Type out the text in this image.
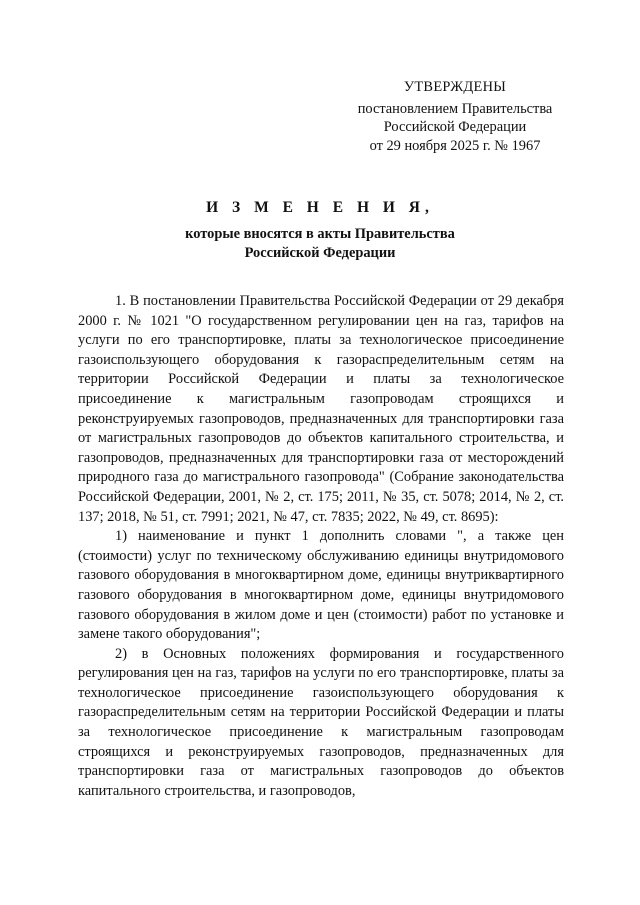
УТВЕРЖДЕНЫ
постановлением Правительства
Российской Федерации
от 29 ноября 2025 г. № 1967
И З М Е Н Е Н И Я,
которые вносятся в акты Правительства
Российской Федерации

1. В постановлении Правительства Российской Федерации от 29 декабря 2000 г. № 1021 "О государственном регулировании цен на газ, тарифов на услуги по его транспортировке, платы за технологическое присоединение газоиспользующего оборудования к газораспределительным сетям на территории Российской Федерации и платы за технологическое присоединение к магистральным газопроводам строящихся и реконструируемых газопроводов, предназначенных для транспортировки газа от магистральных газопроводов до объектов капитального строительства, и газопроводов, предназначенных для транспортировки газа от месторождений природного газа до магистрального газопровода" (Собрание законодательства Российской Федерации, 2001, № 2, ст. 175; 2011, № 35, ст. 5078; 2014, № 2, ст. 137; 2018, № 51, ст. 7991; 2021, № 47, ст. 7835; 2022, № 49, ст. 8695):

1) наименование и пункт 1 дополнить словами ", а также цен (стоимости) услуг по техническому обслуживанию единицы внутридомового газового оборудования в многоквартирном доме, единицы внутриквартирного газового оборудования в многоквартирном доме, единицы внутридомового газового оборудования в жилом доме и цен (стоимости) работ по установке и замене такого оборудования";

2) в Основных положениях формирования и государственного регулирования цен на газ, тарифов на услуги по его транспортировке, платы за технологическое присоединение газоиспользующего оборудования к газораспределительным сетям на территории Российской Федерации и платы за технологическое присоединение к магистральным газопроводам строящихся и реконструируемых газопроводов, предназначенных для транспортировки газа от магистральных газопроводов до объектов капитального строительства, и газопроводов,
